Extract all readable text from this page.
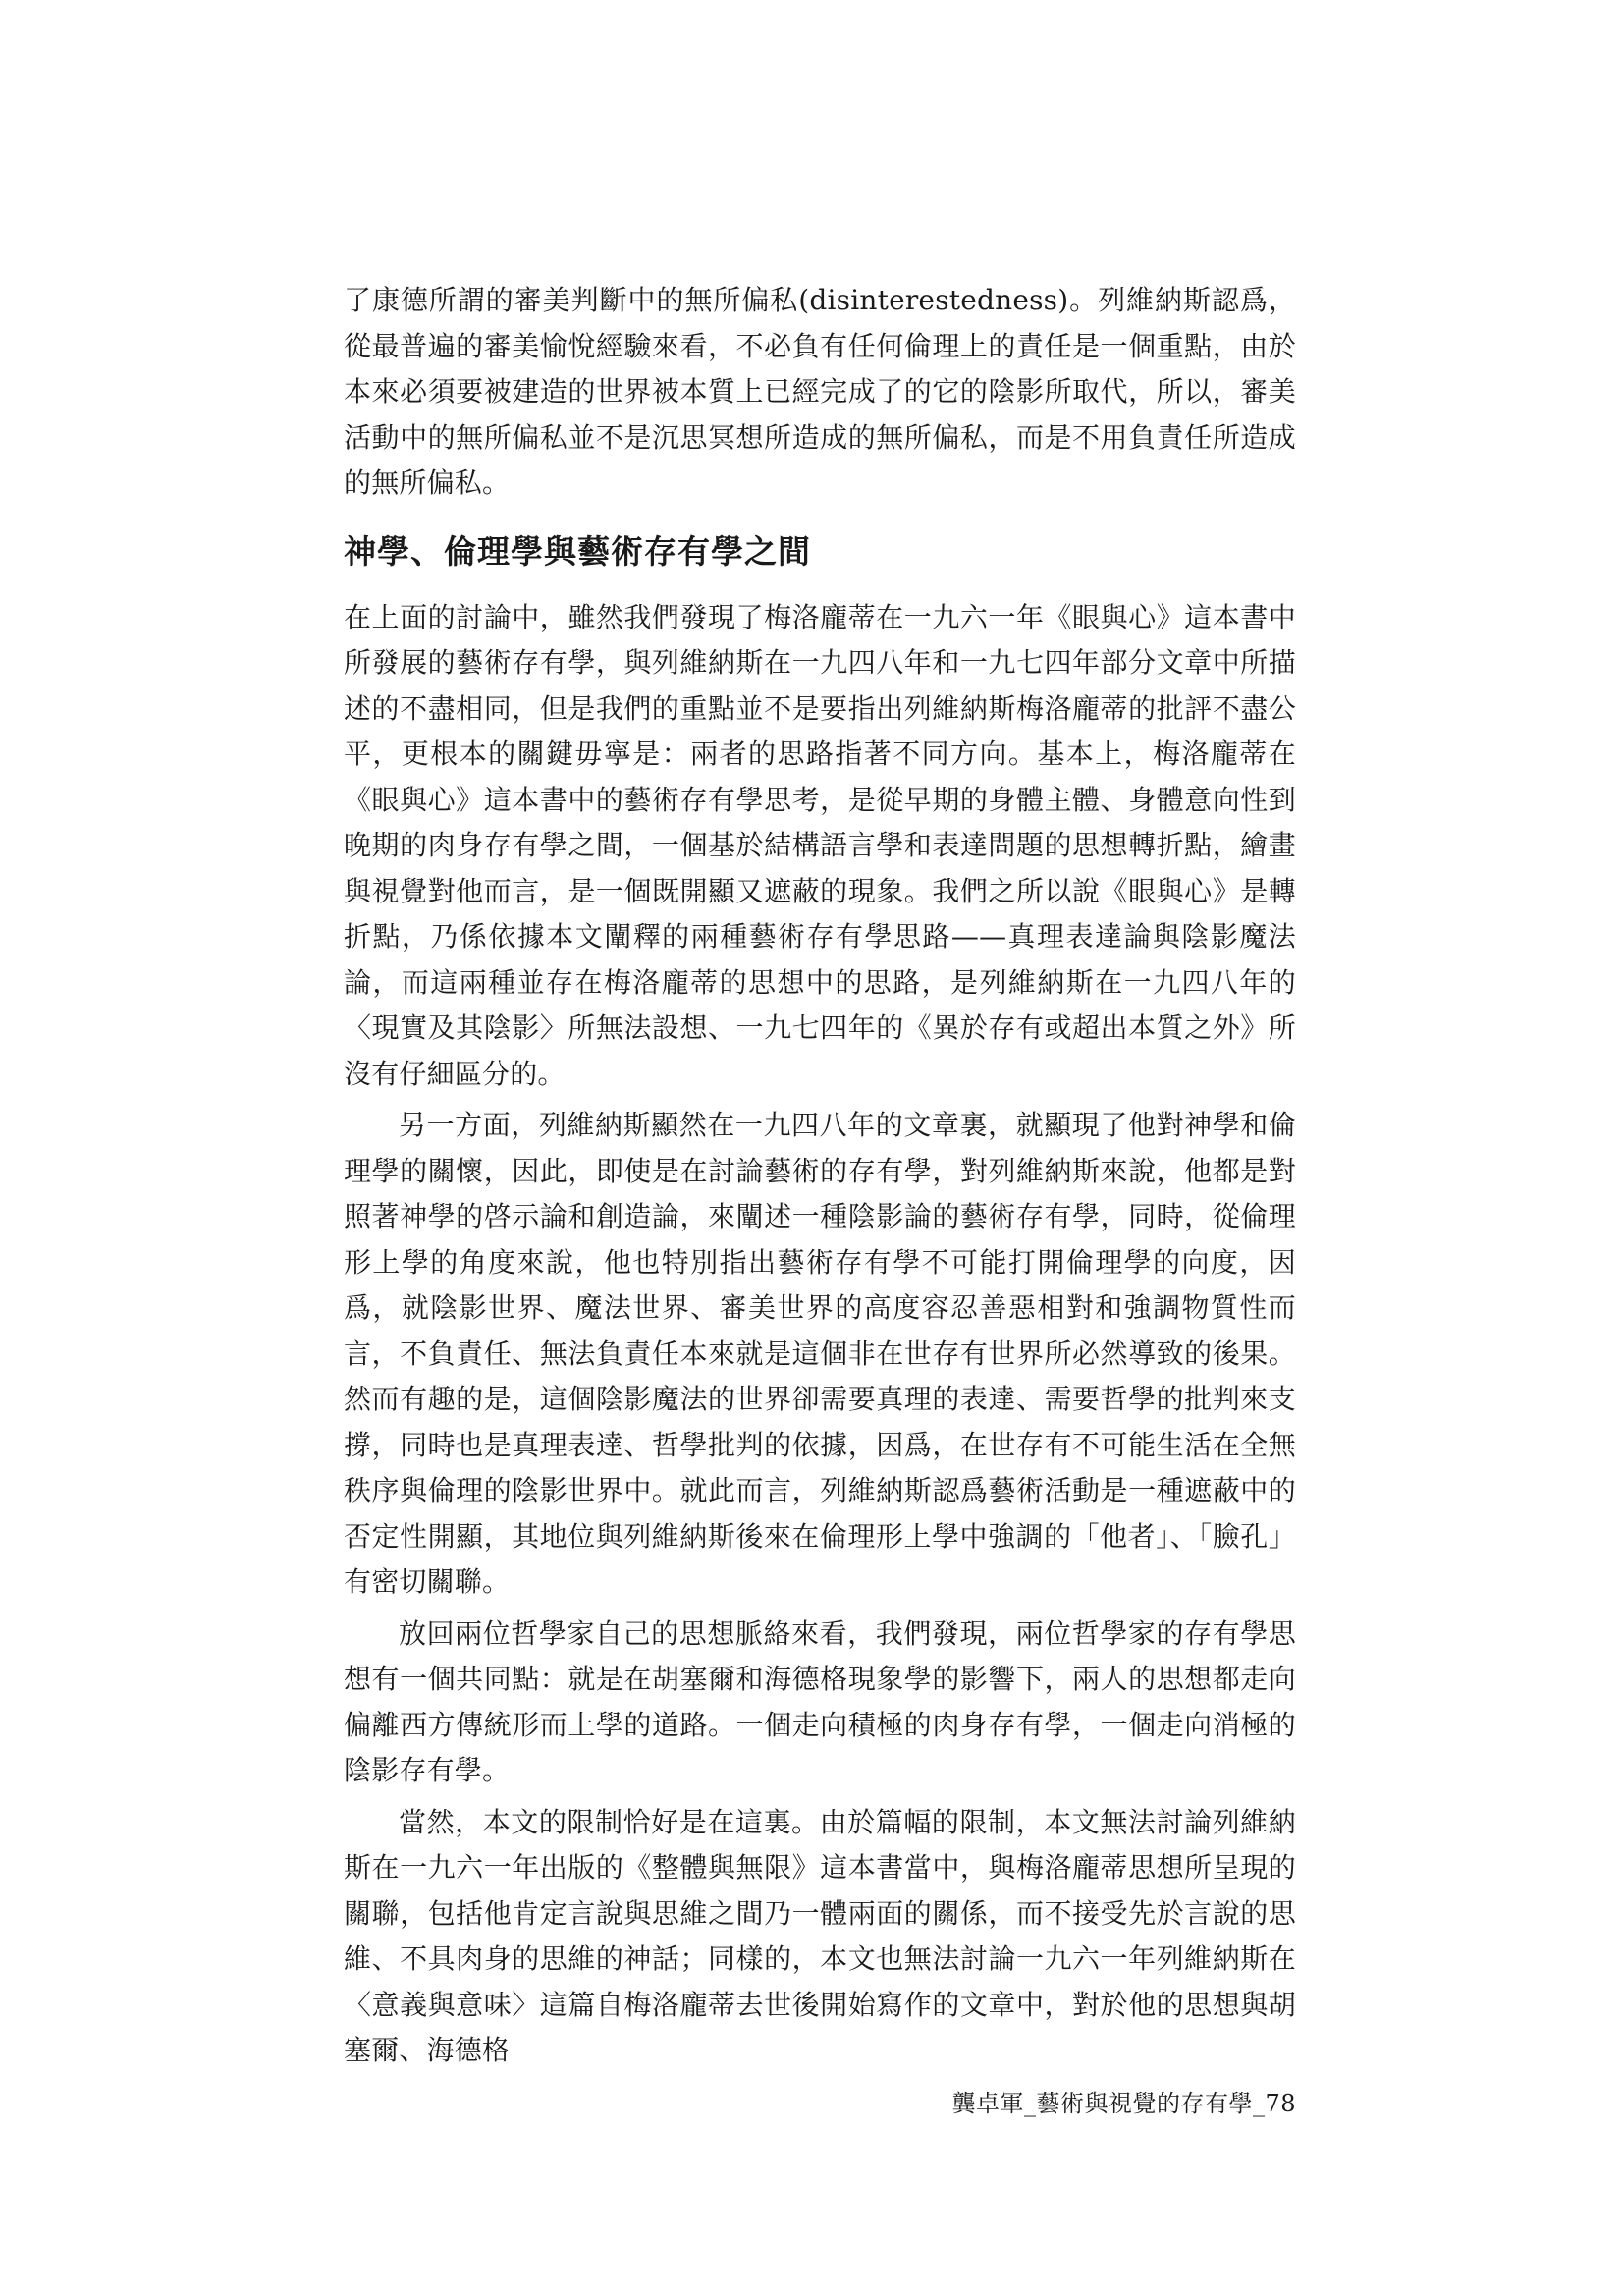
了康德所謂的審美判斷中的無所偏私(disinterestedness)。列維納斯認爲，從最普遍的審美愉悅經驗來看，不必負有任何倫理上的責任是一個重點，由於本來必須要被建造的世界被本質上已經完成了的它的陰影所取代，所以，審美活動中的無所偏私並不是沉思冥想所造成的無所偏私，而是不用負責任所造成的無所偏私。

神學、倫理學與藝術存有學之間

在上面的討論中，雖然我們發現了梅洛龐蒂在一九六一年《眼與心》這本書中所發展的藝術存有學，與列維納斯在一九四八年和一九七四年部分文章中所描述的不盡相同，但是我們的重點並不是要指出列維納斯梅洛龐蒂的批評不盡公平，更根本的關鍵毋寧是：兩者的思路指著不同方向。基本上，梅洛龐蒂在《眼與心》這本書中的藝術存有學思考，是從早期的身體主體、身體意向性到晚期的肉身存有學之間，一個基於結構語言學和表達問題的思想轉折點，繪畫與視覺對他而言，是一個既開顯又遮蔽的現象。我們之所以說《眼與心》是轉折點，乃係依據本文闡釋的兩種藝術存有學思路——真理表達論與陰影魔法論，而這兩種並存在梅洛龐蒂的思想中的思路，是列維納斯在一九四八年的〈現實及其陰影〉所無法設想、一九七四年的《異於存有或超出本質之外》所沒有仔細區分的。

另一方面，列維納斯顯然在一九四八年的文章裏，就顯現了他對神學和倫理學的關懷，因此，即使是在討論藝術的存有學，對列維納斯來說，他都是對照著神學的啓示論和創造論，來闡述一種陰影論的藝術存有學，同時，從倫理形上學的角度來說，他也特別指出藝術存有學不可能打開倫理學的向度，因爲，就陰影世界、魔法世界、審美世界的高度容忍善惡相對和強調物質性而言，不負責任、無法負責任本來就是這個非在世存有世界所必然導致的後果。然而有趣的是，這個陰影魔法的世界卻需要真理的表達、需要哲學的批判來支撐，同時也是真理表達、哲學批判的依據，因爲，在世存有不可能生活在全無秩序與倫理的陰影世界中。就此而言，列維納斯認爲藝術活動是一種遮蔽中的否定性開顯，其地位與列維納斯後來在倫理形上學中強調的「他者」、「臉孔」有密切關聯。

放回兩位哲學家自己的思想脈絡來看，我們發現，兩位哲學家的存有學思想有一個共同點：就是在胡塞爾和海德格現象學的影響下，兩人的思想都走向偏離西方傳統形而上學的道路。一個走向積極的肉身存有學，一個走向消極的陰影存有學。

當然，本文的限制恰好是在這裏。由於篇幅的限制，本文無法討論列維納斯在一九六一年出版的《整體與無限》這本書當中，與梅洛龐蒂思想所呈現的關聯，包括他肯定言說與思維之間乃一體兩面的關係，而不接受先於言說的思維、不具肉身的思維的神話；同樣的，本文也無法討論一九六一年列維納斯在〈意義與意味〉這篇自梅洛龐蒂去世後開始寫作的文章中，對於他的思想與胡塞爾、海德格

龔卓軍_藝術與視覺的存有學_78
